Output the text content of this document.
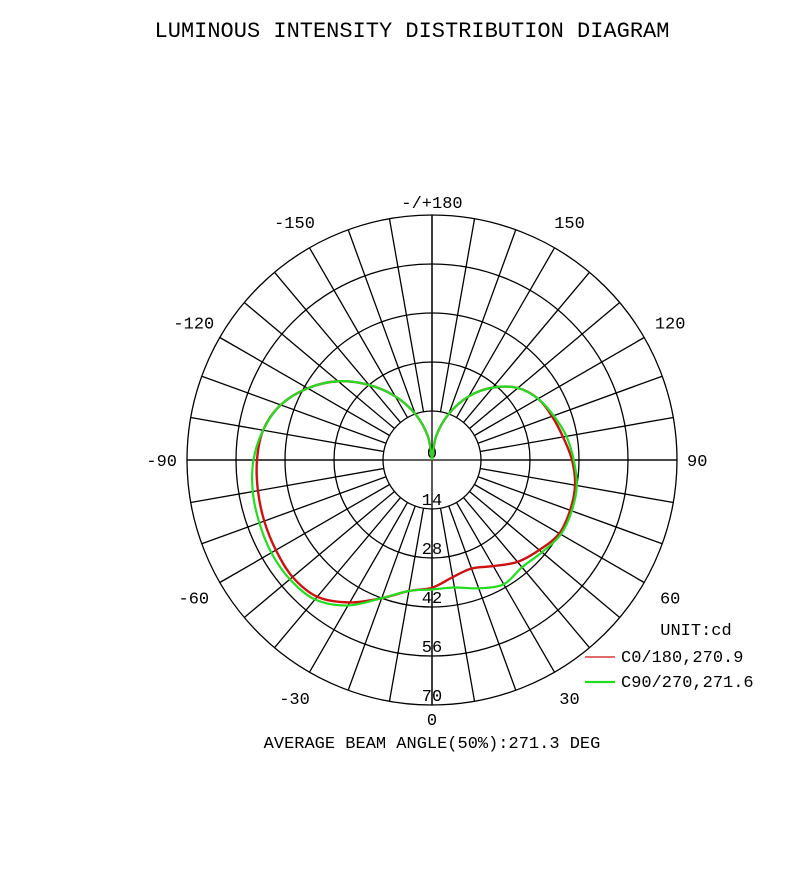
LUMINOUS INTENSITY DISTRIBUTION DIAGRAM
0
30
60
90
120
150
-/+180
-150
-120
-90
-60
-30
0
14
28
42
56
70
UNIT:cd
C0/180,270.9
C90/270,271.6
AVERAGE BEAM ANGLE(50%):271.3 DEG
